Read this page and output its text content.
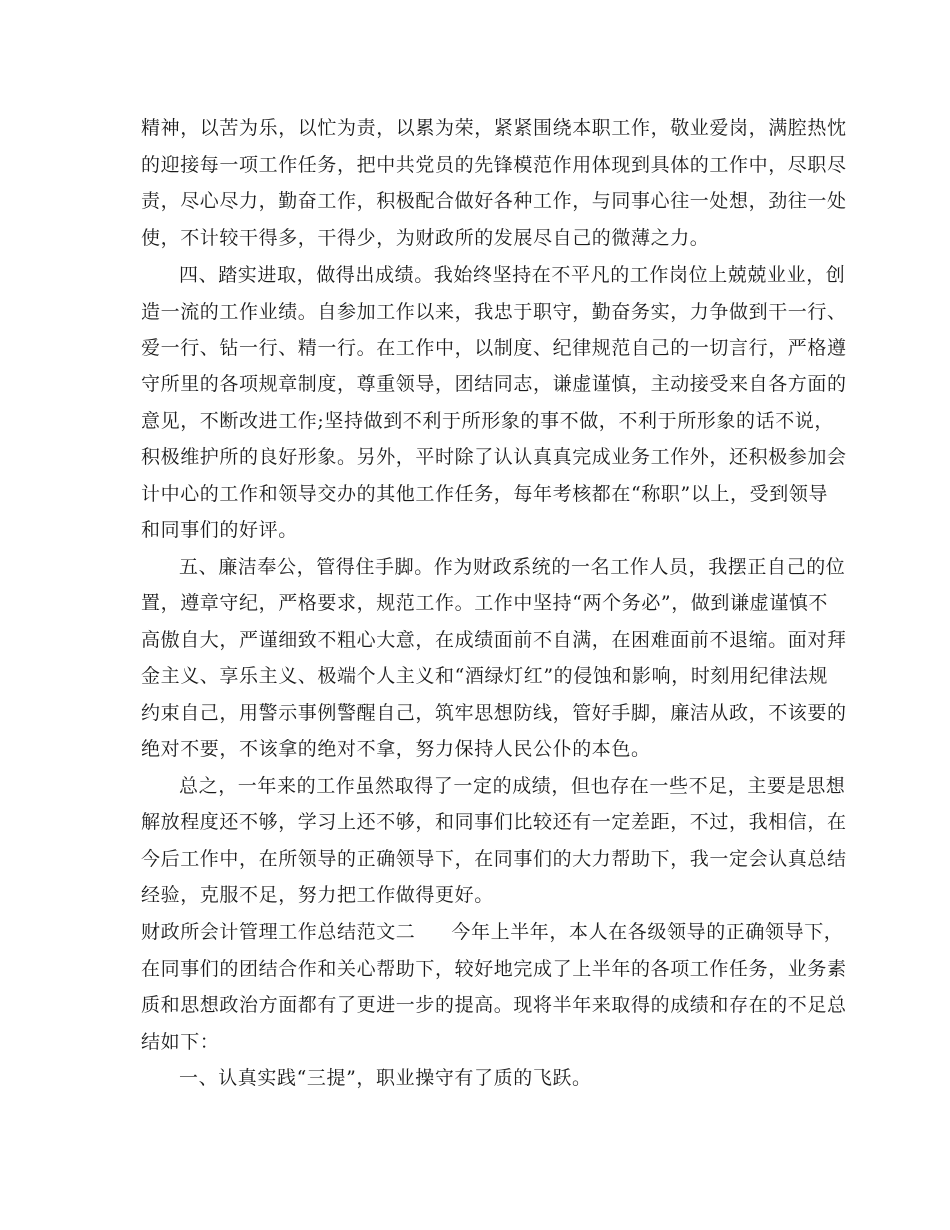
精神，以苦为乐，以忙为责，以累为荣，紧紧围绕本职工作，敬业爱岗，满腔热忱
的迎接每一项工作任务，把中共党员的先锋模范作用体现到具体的工作中，尽职尽
责，尽心尽力，勤奋工作，积极配合做好各种工作，与同事心往一处想，劲往一处
使，不计较干得多，干得少，为财政所的发展尽自己的微薄之力。
四、踏实进取，做得出成绩。我始终坚持在不平凡的工作岗位上兢兢业业，创
造一流的工作业绩。自参加工作以来，我忠于职守，勤奋务实，力争做到干一行、
爱一行、钻一行、精一行。在工作中，以制度、纪律规范自己的一切言行，严格遵
守所里的各项规章制度，尊重领导，团结同志，谦虚谨慎，主动接受来自各方面的
意见，不断改进工作;坚持做到不利于所形象的事不做，不利于所形象的话不说，
积极维护所的良好形象。另外，平时除了认认真真完成业务工作外，还积极参加会
计中心的工作和领导交办的其他工作任务，每年考核都在“称职”以上，受到领导
和同事们的好评。
五、廉洁奉公，管得住手脚。作为财政系统的一名工作人员，我摆正自己的位
置，遵章守纪，严格要求，规范工作。工作中坚持“两个务必”，做到谦虚谨慎不
高傲自大，严谨细致不粗心大意，在成绩面前不自满，在困难面前不退缩。面对拜
金主义、享乐主义、极端个人主义和“酒绿灯红”的侵蚀和影响，时刻用纪律法规
约束自己，用警示事例警醒自己，筑牢思想防线，管好手脚，廉洁从政，不该要的
绝对不要，不该拿的绝对不拿，努力保持人民公仆的本色。
总之，一年来的工作虽然取得了一定的成绩，但也存在一些不足，主要是思想
解放程度还不够，学习上还不够，和同事们比较还有一定差距，不过，我相信，在
今后工作中，在所领导的正确领导下，在同事们的大力帮助下，我一定会认真总结
经验，克服不足，努力把工作做得更好。
财政所会计管理工作总结范文二 今年上半年，本人在各级领导的正确领导下，
在同事们的团结合作和关心帮助下，较好地完成了上半年的各项工作任务，业务素
质和思想政治方面都有了更进一步的提高。现将半年来取得的成绩和存在的不足总
结如下：
一、认真实践“三提”，职业操守有了质的飞跃。
